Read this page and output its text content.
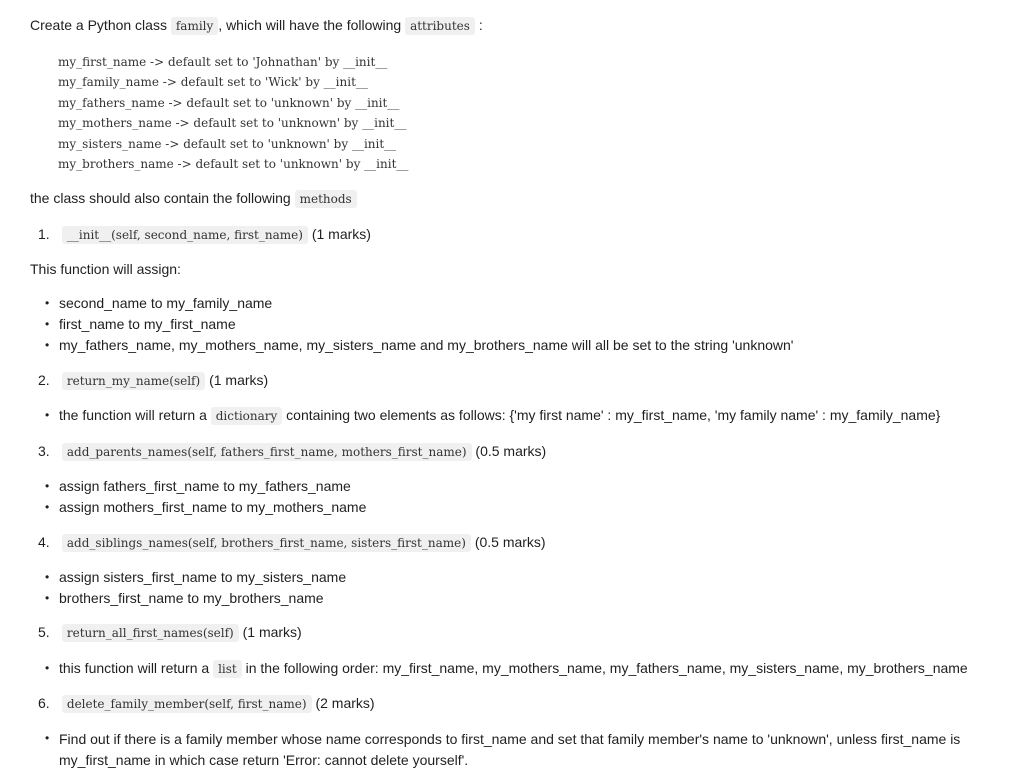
Create a Python class family , which will have the following attributes :
my_first_name -> default set to 'Johnathan' by __init__
my_family_name -> default set to 'Wick' by __init__
my_fathers_name -> default set to 'unknown' by __init__
my_mothers_name -> default set to 'unknown' by __init__
my_sisters_name -> default set to 'unknown' by __init__
my_brothers_name -> default set to 'unknown' by __init__
the class should also contain the following methods
1. __init__(self, second_name, first_name) (1 marks)
This function will assign:
• second_name to my_family_name
• first_name to my_first_name
• my_fathers_name, my_mothers_name, my_sisters_name and my_brothers_name will all be set to the string 'unknown'
2. return_my_name(self) (1 marks)
• the function will return a dictionary containing two elements as follows: {'my first name' : my_first_name, 'my family name' : my_family_name}
3. add_parents_names(self, fathers_first_name, mothers_first_name) (0.5 marks)
• assign fathers_first_name to my_fathers_name
• assign mothers_first_name to my_mothers_name
4. add_siblings_names(self, brothers_first_name, sisters_first_name) (0.5 marks)
• assign sisters_first_name to my_sisters_name
• brothers_first_name to my_brothers_name
5. return_all_first_names(self) (1 marks)
• this function will return a list in the following order: my_first_name, my_mothers_name, my_fathers_name, my_sisters_name, my_brothers_name
6. delete_family_member(self, first_name) (2 marks)
• Find out if there is a family member whose name corresponds to first_name and set that family member's name to 'unknown', unless first_name is my_first_name in which case return 'Error: cannot delete yourself'.
